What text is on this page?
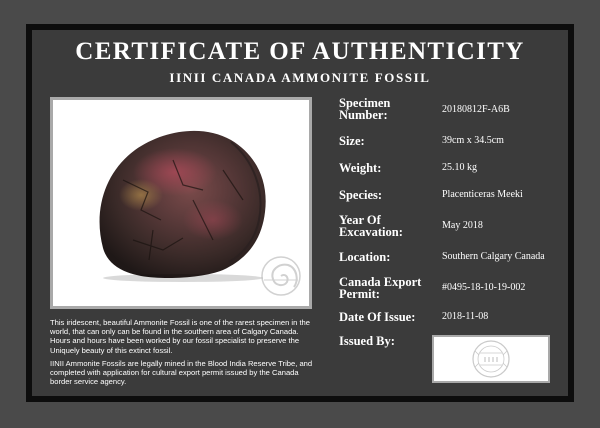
CERTIFICATE OF AUTHENTICITY
IINII CANADA AMMONITE FOSSIL

This iridescent, beautiful Ammonite Fossil is one of the rarest specimen in the world, that can only can be found in the southern area of Calgary Canada. Hours and hours have been worked by our fossil specialist to preserve the Uniquely beauty of this extinct fossil.

IINII Ammonite Fossils are legally mined in the Blood India Reserve Tribe, and completed with application for cultural export permit issued by the Canada border service agency.

Specimen Number:	20180812F-A6B
Size:	39cm x 34.5cm
Weight:	25.10 kg
Species:	Placenticeras Meeki
Year Of Excavation:	May 2018
Location:	Southern Calgary Canada
Canada Export Permit:	#0495-18-10-19-002
Date Of Issue:	2018-11-08
Issued By:
